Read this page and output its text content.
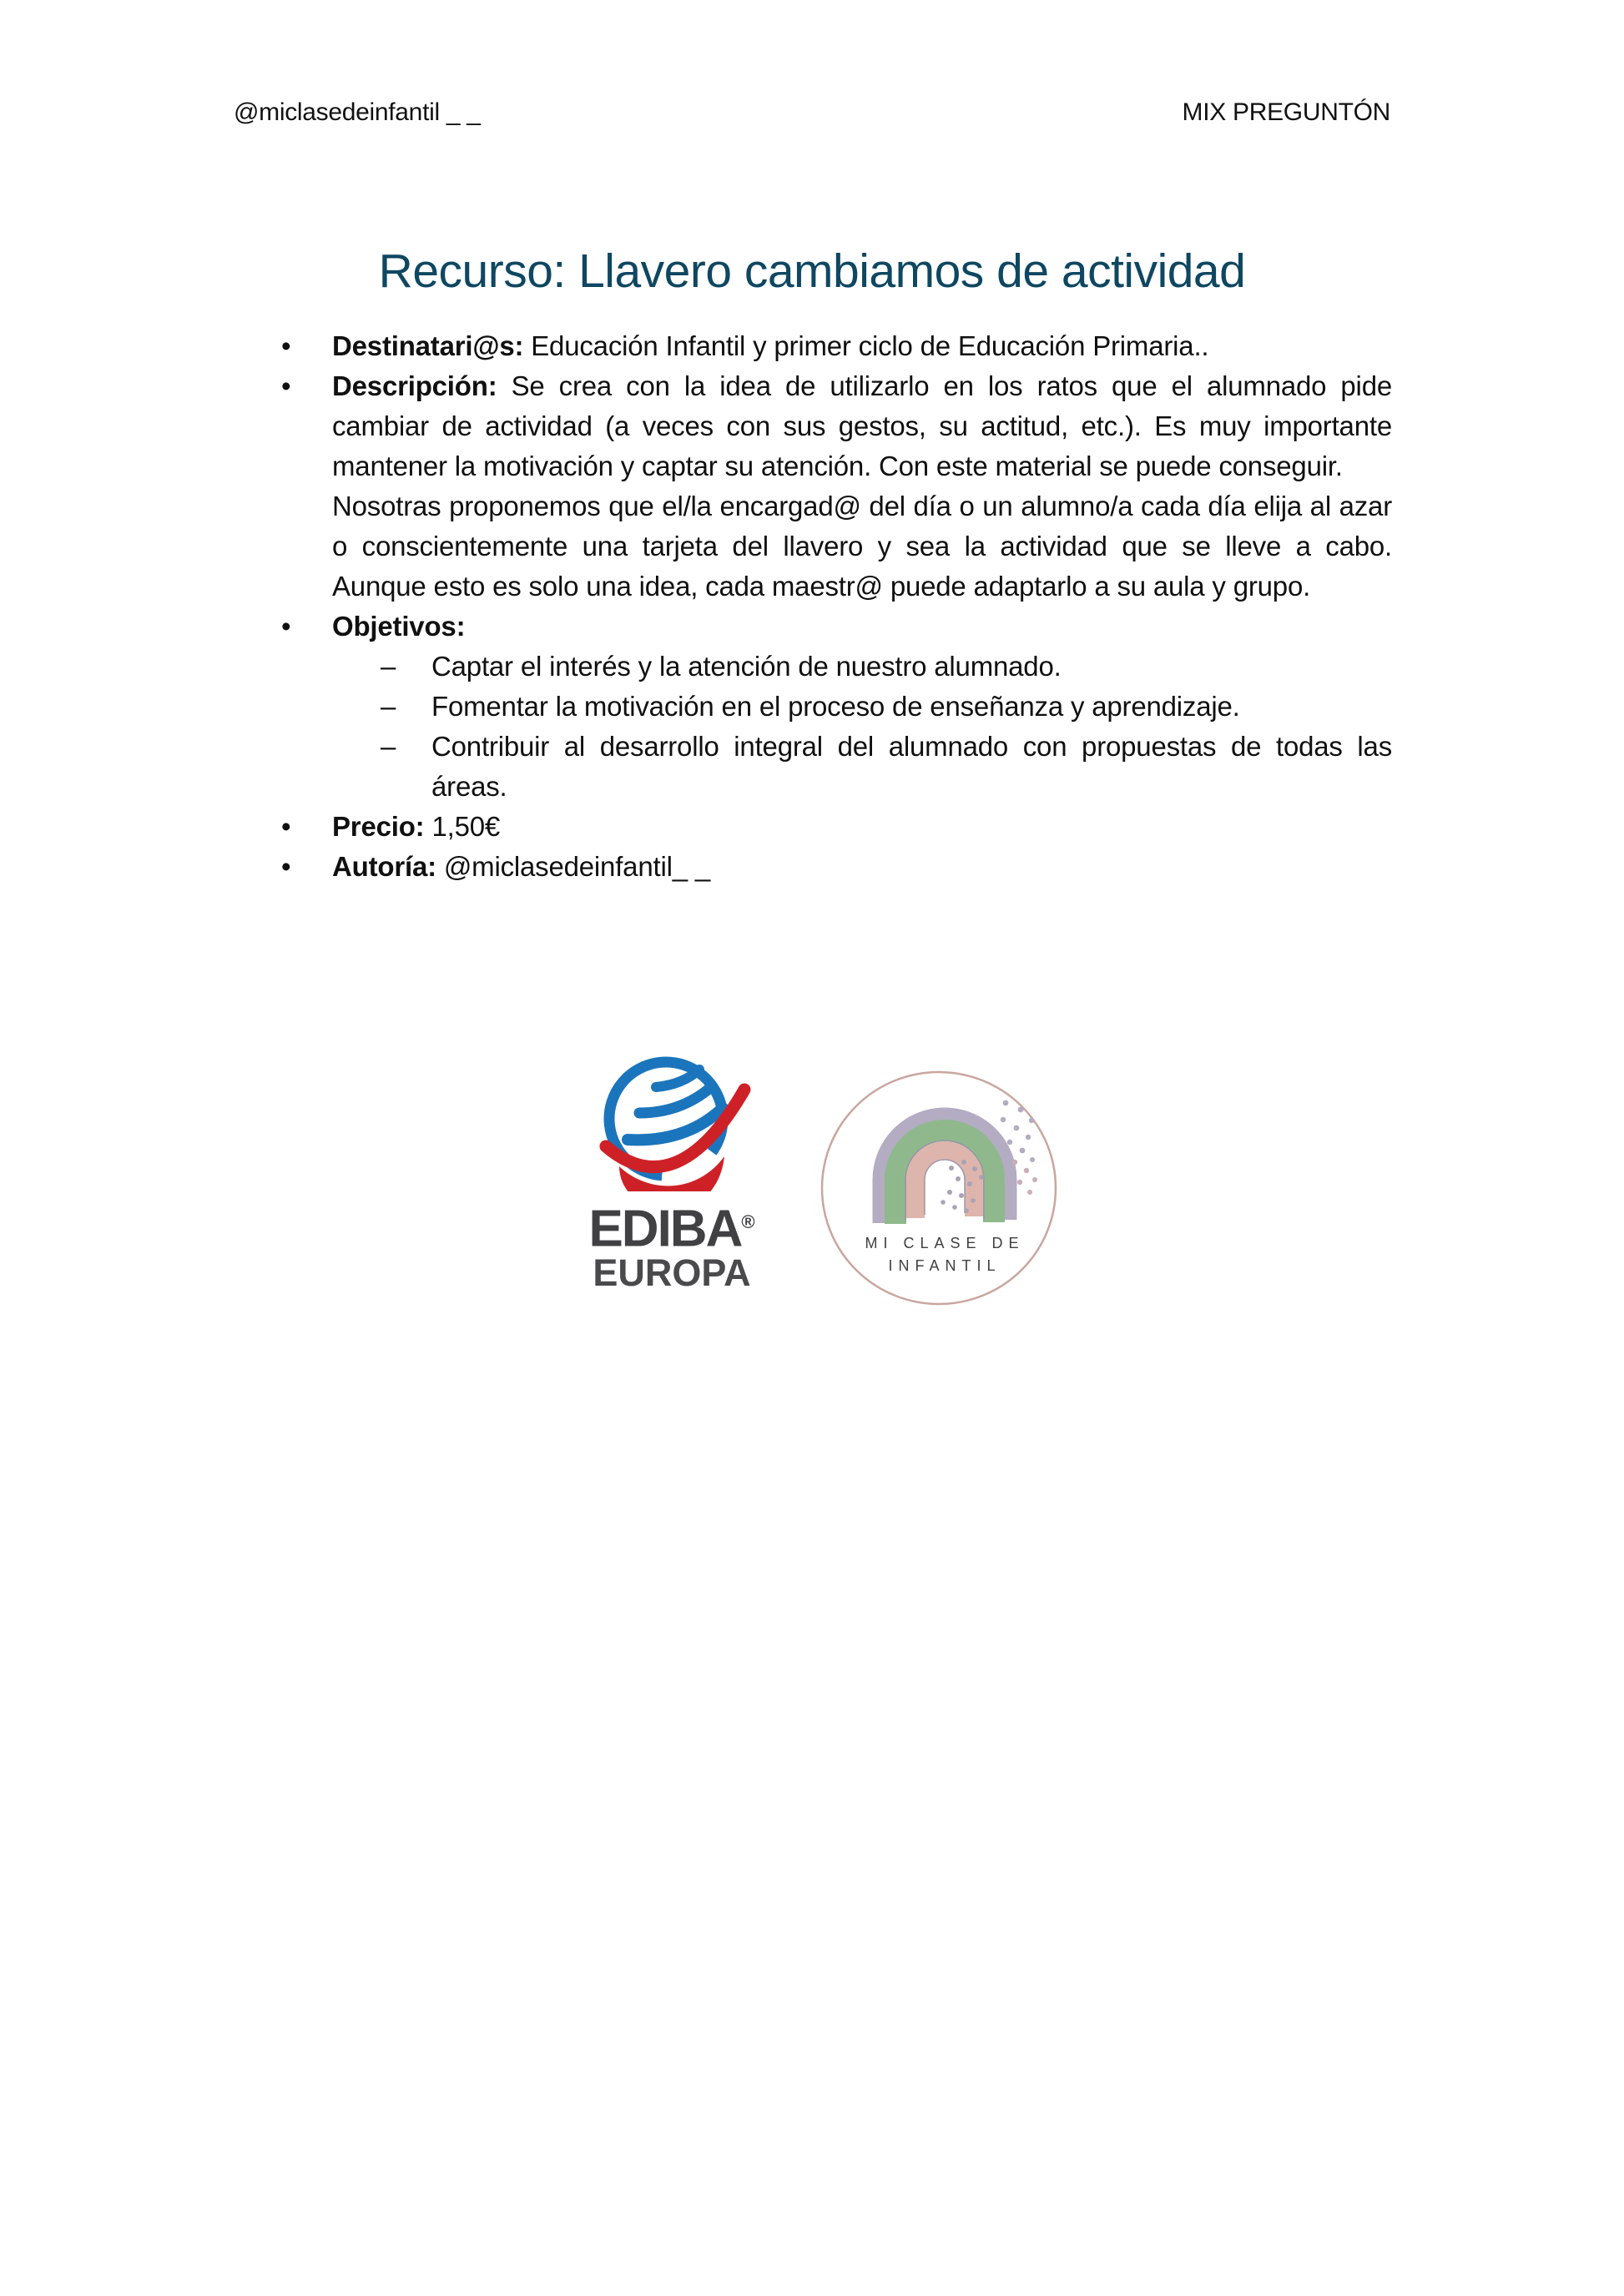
@miclasedeinfantil _ _	MIX PREGUNTÓN
Recurso: Llavero cambiamos de actividad
• Destinatari@s: Educación Infantil y primer ciclo de Educación Primaria..
• Descripción: Se crea con la idea de utilizarlo en los ratos que el alumnado pide cambiar de actividad (a veces con sus gestos, su actitud, etc.). Es muy importante mantener la motivación y captar su atención. Con este material se puede conseguir.
Nosotras proponemos que el/la encargad@ del día o un alumno/a cada día elija al azar o conscientemente una tarjeta del llavero y sea la actividad que se lleve a cabo. Aunque esto es solo una idea, cada maestr@ puede adaptarlo a su aula y grupo.
• Objetivos:
– Captar el interés y la atención de nuestro alumnado.
– Fomentar la motivación en el proceso de enseñanza y aprendizaje.
– Contribuir al desarrollo integral del alumnado con propuestas de todas las áreas.
• Precio: 1,50€
• Autoría: @miclasedeinfantil_ _
EDIBA®
EUROPA
MI CLASE DE
INFANTIL
